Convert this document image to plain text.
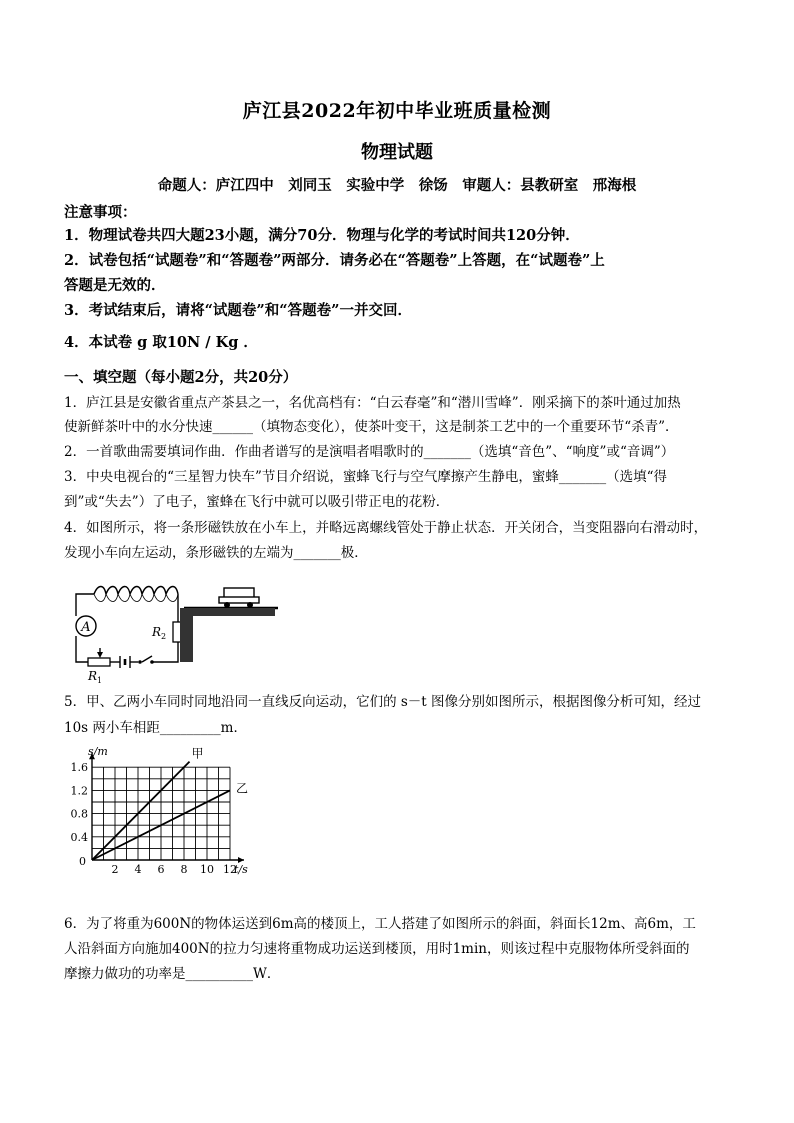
庐江县2022年初中毕业班质量检测
物理试题
命题人：庐江四中　刘同玉　实验中学　徐饧　审题人：县教研室　邢海根
注意事项：
1．物理试卷共四大题23小题，满分70分．物理与化学的考试时间共120分钟．
2．试卷包括“试题卷”和“答题卷”两部分．请务必在“答题卷”上答题，在“试题卷”上
答题是无效的．
3．考试结束后，请将“试题卷”和“答题卷”一并交回．
4．本试卷 g 取10N / Kg ．
一、填空题（每小题2分，共20分）
1．庐江县是安徽省重点产茶县之一，名优高档有：“白云春毫”和“潜川雪峰”．刚采摘下的茶叶通过加热
使新鲜茶叶中的水分快速______（填物态变化），使茶叶变干，这是制茶工艺中的一个重要环节“杀青”．
2．一首歌曲需要填词作曲．作曲者谱写的是演唱者唱歌时的_______（选填“音色”、“响度”或“音调”）
3．中央电视台的“三星智力快车”节目介绍说，蜜蜂飞行与空气摩擦产生静电，蜜蜂_______（选填“得
到”或“失去”）了电子，蜜蜂在飞行中就可以吸引带正电的花粉．
4．如图所示，将一条形磁铁放在小车上，并略远离螺线管处于静止状态．开关闭合，当变阻器向右滑动时，
发现小车向左运动，条形磁铁的左端为_______极．
A	R 2
R 1
5．甲、乙两小车同时同地沿同一直线反向运动，它们的 s－t 图像分别如图所示，根据图像分析可知，经过
10s 两小车相距_________m．
2 4 6 8 10 12
0.4
0.8
1.2
1.6
0
t/s
s/m	甲
乙
6．为了将重为600N的物体运送到6m高的楼顶上，工人搭建了如图所示的斜面，斜面长12m、高6m，工
人沿斜面方向施加400N的拉力匀速将重物成功运送到楼顶，用时1min，则该过程中克服物体所受斜面的
摩擦力做功的功率是__________W．
